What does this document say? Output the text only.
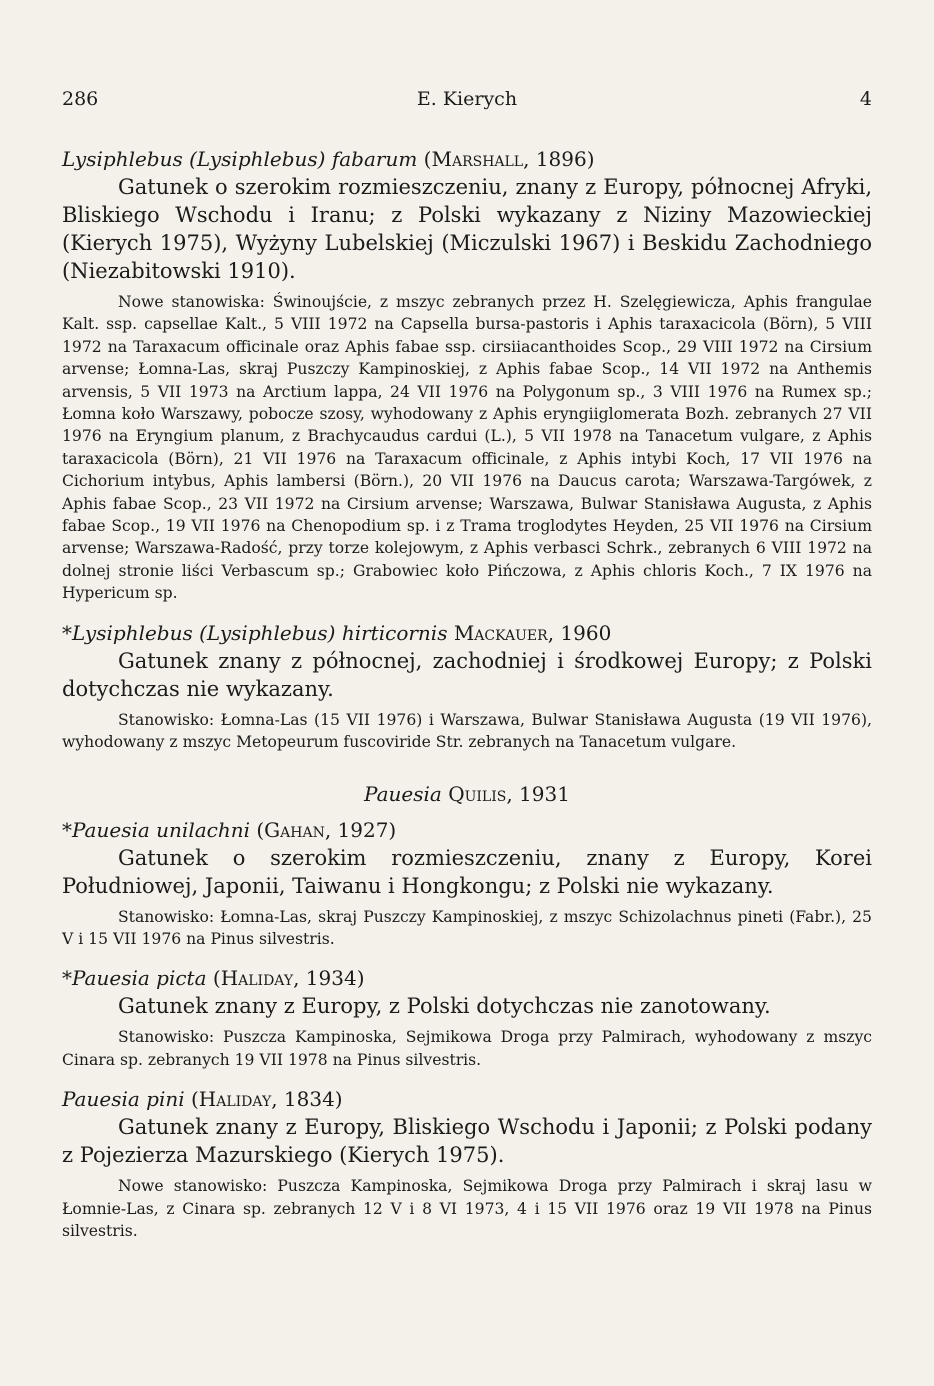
286	E. Kierych	4
Lysiphlebus (Lysiphlebus) fabarum (Marshall, 1896)
Gatunek o szerokim rozmieszczeniu, znany z Europy, północnej Afryki, Bliskiego Wschodu i Iranu; z Polski wykazany z Niziny Mazowieckiej (Kierych 1975), Wyżyny Lubelskiej (Miczulski 1967) i Beskidu Zachodniego (Niezabitowski 1910).
Nowe stanowiska: Świnoujście, z mszyc zebranych przez H. Szelęgiewicza, Aphis frangulae Kalt. ssp. capsellae Kalt., 5 VIII 1972 na Capsella bursa-pastoris i Aphis taraxacicola (Börn), 5 VIII 1972 na Taraxacum officinale oraz Aphis fabae ssp. cirsiiacanthoides Scop., 29 VIII 1972 na Cirsium arvense; Łomna-Las, skraj Puszczy Kampinoskiej, z Aphis fabae Scop., 14 VII 1972 na Anthemis arvensis, 5 VII 1973 na Arctium lappa, 24 VII 1976 na Polygonum sp., 3 VIII 1976 na Rumex sp.; Łomna koło Warszawy, pobocze szosy, wyhodowany z Aphis eryngiiglomerata Bozh. zebranych 27 VII 1976 na Eryngium planum, z Brachycaudus cardui (L.), 5 VII 1978 na Tanacetum vulgare, z Aphis taraxacicola (Börn), 21 VII 1976 na Taraxacum officinale, z Aphis intybi Koch, 17 VII 1976 na Cichorium intybus, Aphis lambersi (Börn.), 20 VII 1976 na Daucus carota; Warszawa-Targówek, z Aphis fabae Scop., 23 VII 1972 na Cirsium arvense; Warszawa, Bulwar Stanisława Augusta, z Aphis fabae Scop., 19 VII 1976 na Chenopodium sp. i z Trama troglodytes Heyden, 25 VII 1976 na Cirsium arvense; Warszawa-Radość, przy torze kolejowym, z Aphis verbasci Schrk., zebranych 6 VIII 1972 na dolnej stronie liści Verbascum sp.; Grabowiec koło Pińczowa, z Aphis chloris Koch., 7 IX 1976 na Hypericum sp.
*Lysiphlebus (Lysiphlebus) hirticornis Mackauer, 1960
Gatunek znany z północnej, zachodniej i środkowej Europy; z Polski dotychczas nie wykazany.
Stanowisko: Łomna-Las (15 VII 1976) i Warszawa, Bulwar Stanisława Augusta (19 VII 1976), wyhodowany z mszyc Metopeurum fuscoviride Str. zebranych na Tanacetum vulgare.
Pauesia Quilis, 1931
*Pauesia unilachni (Gahan, 1927)
Gatunek o szerokim rozmieszczeniu, znany z Europy, Korei Południowej, Japonii, Taiwanu i Hongkongu; z Polski nie wykazany.
Stanowisko: Łomna-Las, skraj Puszczy Kampinoskiej, z mszyc Schizolachnus pineti (Fabr.), 25 V i 15 VII 1976 na Pinus silvestris.
*Pauesia picta (Haliday, 1934)
Gatunek znany z Europy, z Polski dotychczas nie zanotowany.
Stanowisko: Puszcza Kampinoska, Sejmikowa Droga przy Palmirach, wyhodowany z mszyc Cinara sp. zebranych 19 VII 1978 na Pinus silvestris.
Pauesia pini (Haliday, 1834)
Gatunek znany z Europy, Bliskiego Wschodu i Japonii; z Polski podany z Pojezierza Mazurskiego (Kierych 1975).
Nowe stanowisko: Puszcza Kampinoska, Sejmikowa Droga przy Palmirach i skraj lasu w Łomnie-Las, z Cinara sp. zebranych 12 V i 8 VI 1973, 4 i 15 VII 1976 oraz 19 VII 1978 na Pinus silvestris.
